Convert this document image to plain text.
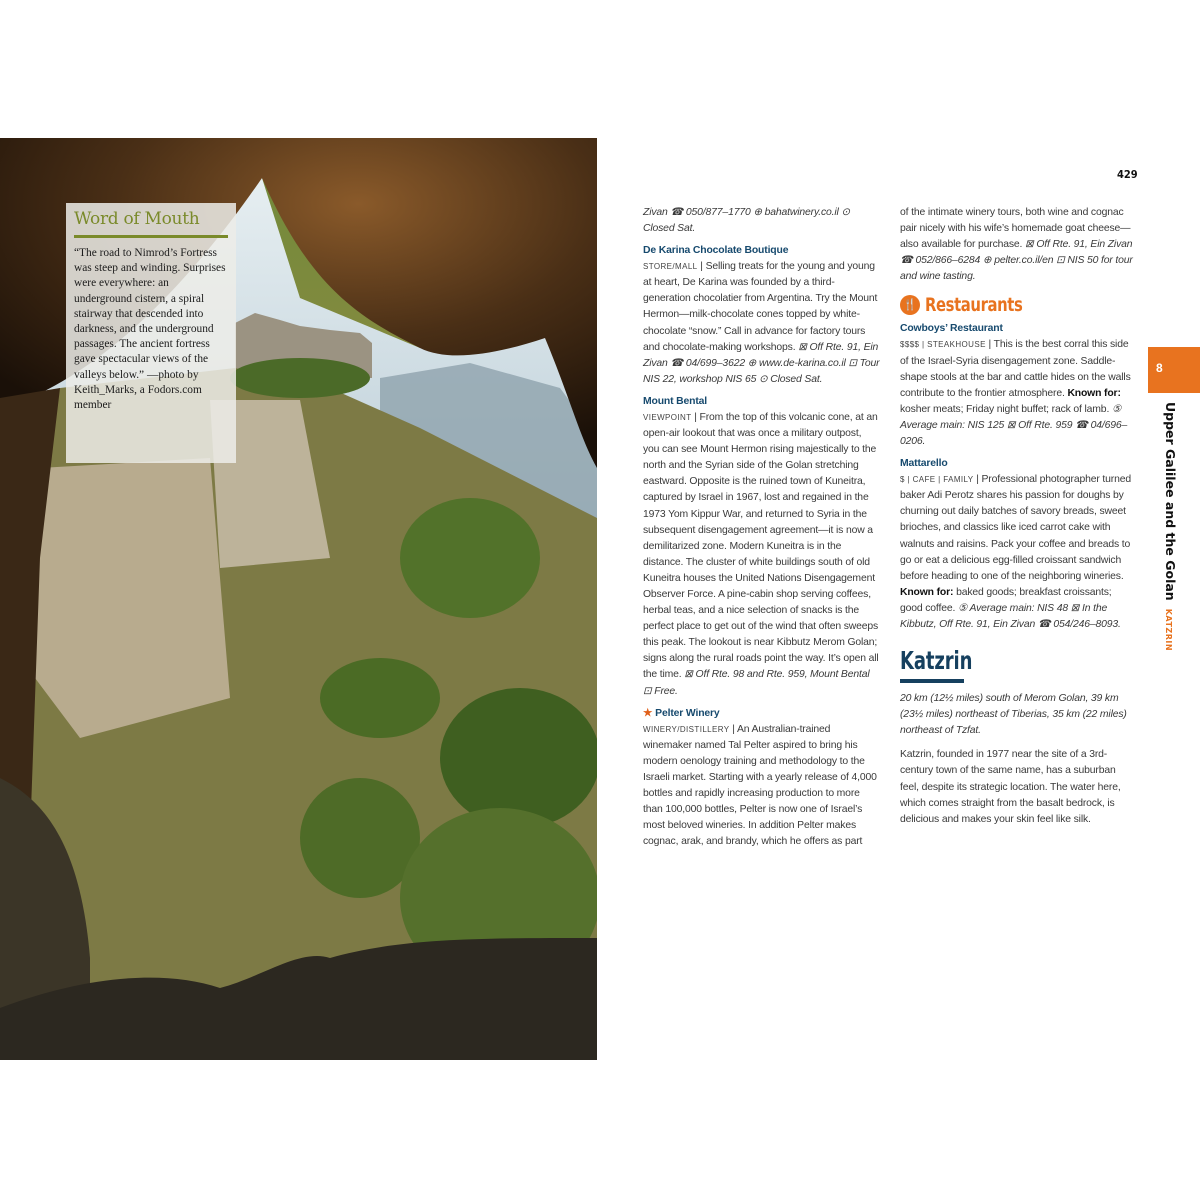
Word of Mouth
“The road to Nimrod’s Fortress was steep and winding. Surprises were everywhere: an underground cistern, a spiral stairway that descended into darkness, and the underground passages. The ancient fortress gave spectacular views of the valleys below.” —photo by Keith_Marks, a Fodors.com member
429

Zivan ☎ 050/877–1770 ⊕ bahatwinery.co.il ⊙ Closed Sat.

De Karina Chocolate Boutique

STORE/MALL | Selling treats for the young and young at heart, De Karina was founded by a third-generation chocolatier from Argentina. Try the Mount Hermon—milk-chocolate cones topped by white-chocolate “snow.” Call in advance for factory tours and chocolate-making workshops. ⊠ Off Rte. 91, Ein Zivan ☎ 04/699–3622 ⊕ www.de-karina.co.il ⊡ Tour NIS 22, workshop NIS 65 ⊙ Closed Sat.

Mount Bental

VIEWPOINT | From the top of this volcanic cone, at an open-air lookout that was once a military outpost, you can see Mount Hermon rising majestically to the north and the Syrian side of the Golan stretching eastward. Opposite is the ruined town of Kuneitra, captured by Israel in 1967, lost and regained in the 1973 Yom Kippur War, and returned to Syria in the subsequent disengagement agreement—it is now a demilitarized zone. Modern Kuneitra is in the distance. The cluster of white buildings south of old Kuneitra houses the United Nations Disengagement Observer Force. A pine-cabin shop serving coffees, herbal teas, and a nice selection of snacks is the perfect place to get out of the wind that often sweeps this peak. The lookout is near Kibbutz Merom Golan; signs along the rural roads point the way. It’s open all the time. ⊠ Off Rte. 98 and Rte. 959, Mount Bental ⊡ Free.

★ Pelter Winery

WINERY/DISTILLERY | An Australian-trained winemaker named Tal Pelter aspired to bring his modern oenology training and methodology to the Israeli market. Starting with a yearly release of 4,000 bottles and rapidly increasing production to more than 100,000 bottles, Pelter is now one of Israel’s most beloved wineries. In addition Pelter makes cognac, arak, and brandy, which he offers as part

of the intimate winery tours, both wine and cognac pair nicely with his wife’s homemade goat cheese—also available for purchase. ⊠ Off Rte. 91, Ein Zivan ☎ 052/866–6284 ⊕ pelter.co.il/en ⊡ NIS 50 for tour and wine tasting.

🍴 Restaurants

Cowboys’ Restaurant

$$$$ | STEAKHOUSE | This is the best corral this side of the Israel-Syria disengagement zone. Saddle-shape stools at the bar and cattle hides on the walls contribute to the frontier atmosphere. Known for: kosher meats; Friday night buffet; rack of lamb. ⑤ Average main: NIS 125 ⊠ Off Rte. 959 ☎ 04/696–0206.

Mattarello

$ | CAFE | FAMILY | Professional photographer turned baker Adi Perotz shares his passion for doughs by churning out daily batches of savory breads, sweet brioches, and classics like iced carrot cake with walnuts and raisins. Pack your coffee and breads to go or eat a delicious egg-filled croissant sandwich before heading to one of the neighboring wineries. Known for: baked goods; breakfast croissants; good coffee. ⑤ Average main: NIS 48 ⊠ In the Kibbutz, Off Rte. 91, Ein Zivan ☎ 054/246–8093.

Katzrin

20 km (12½ miles) south of Merom Golan, 39 km (23½ miles) northeast of Tiberias, 35 km (22 miles) northeast of Tzfat.

Katzrin, founded in 1977 near the site of a 3rd-century town of the same name, has a suburban feel, despite its strategic location. The water here, which comes straight from the basalt bedrock, is delicious and makes your skin feel like silk.

8
Upper Galilee and the GolanKATZRIN
